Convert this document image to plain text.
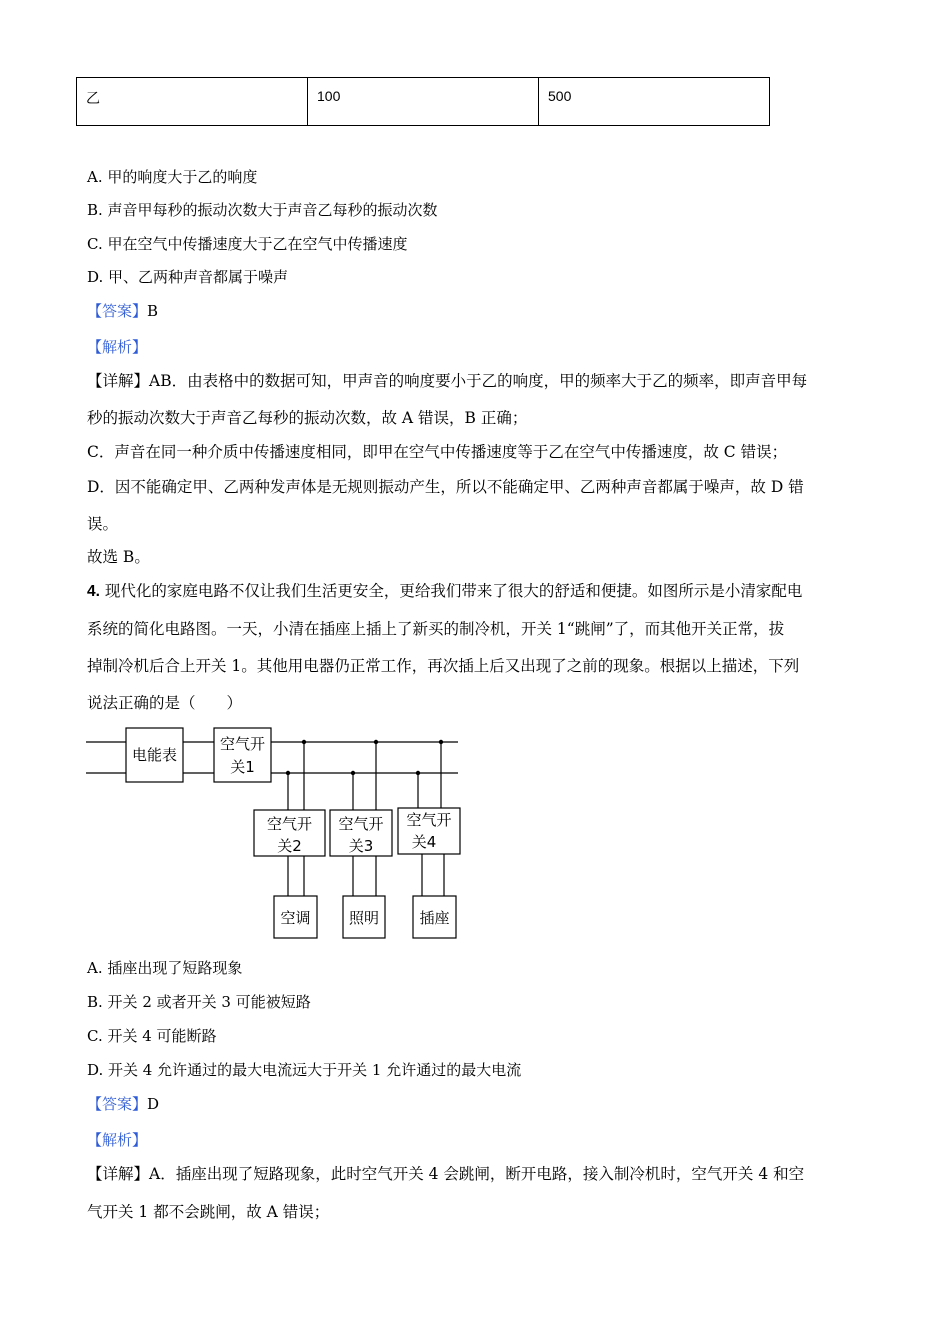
乙	100	500
A. 甲的响度大于乙的响度
B. 声音甲每秒的振动次数大于声音乙每秒的振动次数
C. 甲在空气中传播速度大于乙在空气中传播速度
D. 甲、乙两种声音都属于噪声
【答案】B
【解析】
【详解】AB．由表格中的数据可知，甲声音的响度要小于乙的响度，甲的频率大于乙的频率，即声音甲每
秒的振动次数大于声音乙每秒的振动次数，故 A 错误，B 正确；
C．声音在同一种介质中传播速度相同，即甲在空气中传播速度等于乙在空气中传播速度，故 C 错误；
D．因不能确定甲、乙两种发声体是无规则振动产生，所以不能确定甲、乙两种声音都属于噪声，故 D 错
误。
故选 B。
4. 现代化的家庭电路不仅让我们生活更安全，更给我们带来了很大的舒适和便捷。如图所示是小清家配电
系统的简化电路图。一天，小清在插座上插上了新买的制冷机，开关 1“跳闸”了，而其他开关正常，拔
掉制冷机后合上开关 1。其他用电器仍正常工作，再次插上后又出现了之前的现象。根据以上描述，下列
说法正确的是（　　）
电能表
空气开
关1
空气开
关2
空气开
关3
空气开
关4
空调	照明	插座
A. 插座出现了短路现象
B. 开关 2 或者开关 3 可能被短路
C. 开关 4 可能断路
D. 开关 4 允许通过的最大电流远大于开关 1 允许通过的最大电流
【答案】D
【解析】
【详解】A．插座出现了短路现象，此时空气开关 4 会跳闸，断开电路，接入制冷机时，空气开关 4 和空
气开关 1 都不会跳闸，故 A 错误；
